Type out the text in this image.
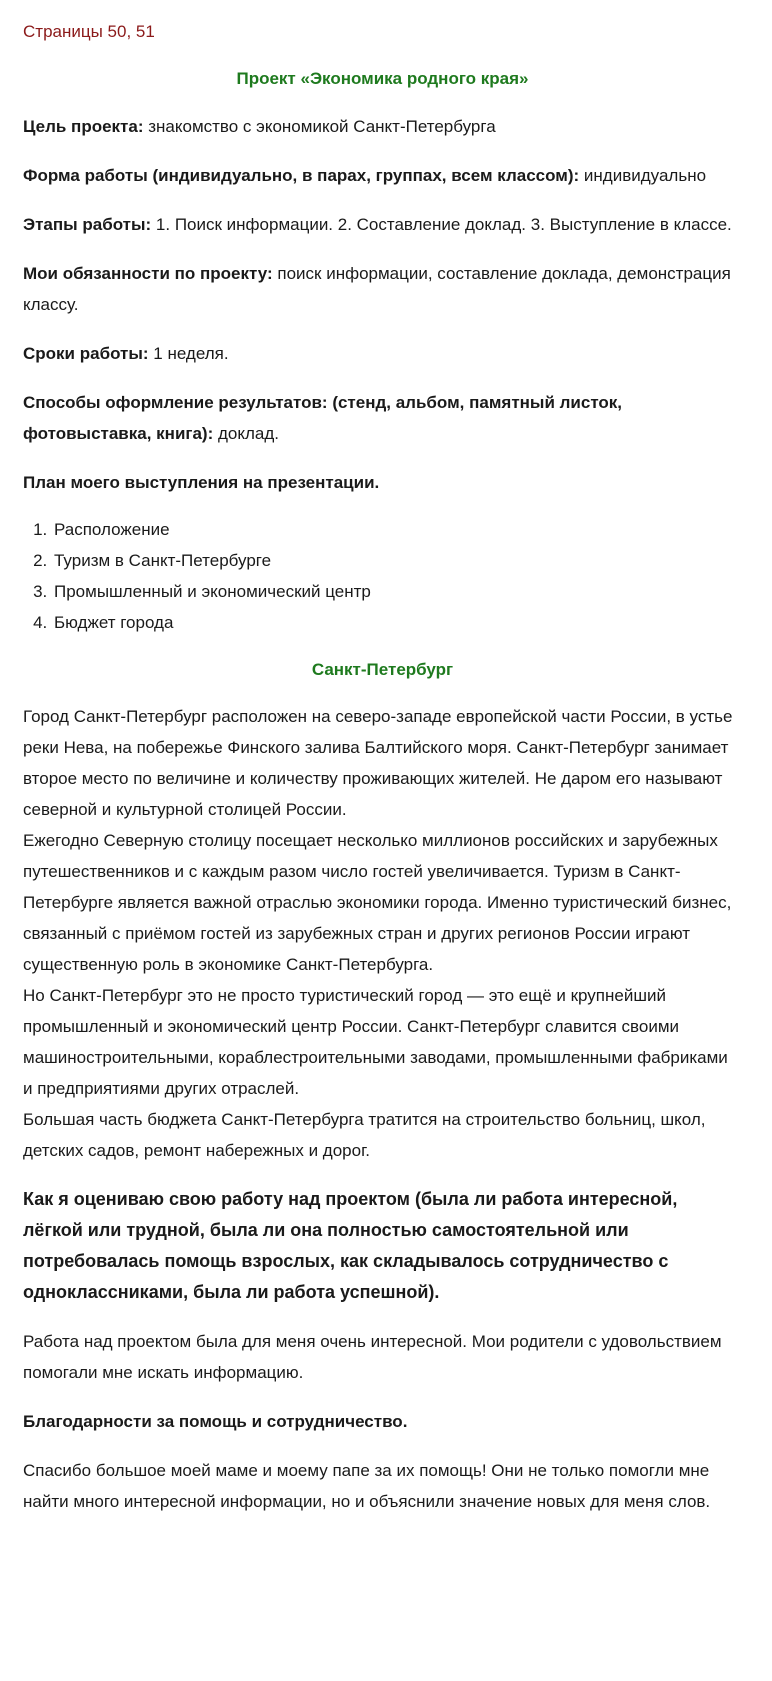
Страницы 50, 51
Проект «Экономика родного края»
Цель проекта: знакомство с экономикой Санкт-Петербурга
Форма работы (индивидуально, в парах, группах, всем классом): индивидуально
Этапы работы: 1. Поиск информации. 2. Составление доклад. 3. Выступление в классе.
Мои обязанности по проекту: поиск информации, составление доклада, демонстрация классу.
Сроки работы: 1 неделя.
Способы оформление результатов: (стенд, альбом, памятный листок, фотовыставка, книга): доклад.
План моего выступления на презентации.
1. Расположение
2. Туризм в Санкт-Петербурге
3. Промышленный и экономический центр
4. Бюджет города
Санкт-Петербург

Город Санкт-Петербург расположен на северо-западе европейской части России, в устье реки Нева, на побережье Финского залива Балтийского моря. Санкт-Петербург занимает второе место по величине и количеству проживающих жителей. Не даром его называют северной и культурной столицей России.

Ежегодно Северную столицу посещает несколько миллионов российских и зарубежных путешественников и с каждым разом число гостей увеличивается. Туризм в Санкт-Петербурге является важной отраслью экономики города. Именно туристический бизнес, связанный с приёмом гостей из зарубежных стран и других регионов России играют существенную роль в экономике Санкт-Петербурга.

Но Санкт-Петербург это не просто туристический город — это ещё и крупнейший промышленный и экономический центр России. Санкт-Петербург славится своими машиностроительными, кораблестроительными заводами, промышленными фабриками и предприятиями других отраслей.

Большая часть бюджета Санкт-Петербурга тратится на строительство больниц, школ, детских садов, ремонт набережных и дорог.

Как я оцениваю свою работу над проектом (была ли работа интересной, лёгкой или трудной, была ли она полностью самостоятельной или потребовалась помощь взрослых, как складывалось сотрудничество с одноклассниками, была ли работа успешной).
Работа над проектом была для меня очень интересной. Мои родители с удовольствием помогали мне искать информацию.
Благодарности за помощь и сотрудничество.
Спасибо большое моей маме и моему папе за их помощь! Они не только помогли мне найти много интересной информации, но и объяснили значение новых для меня слов.
